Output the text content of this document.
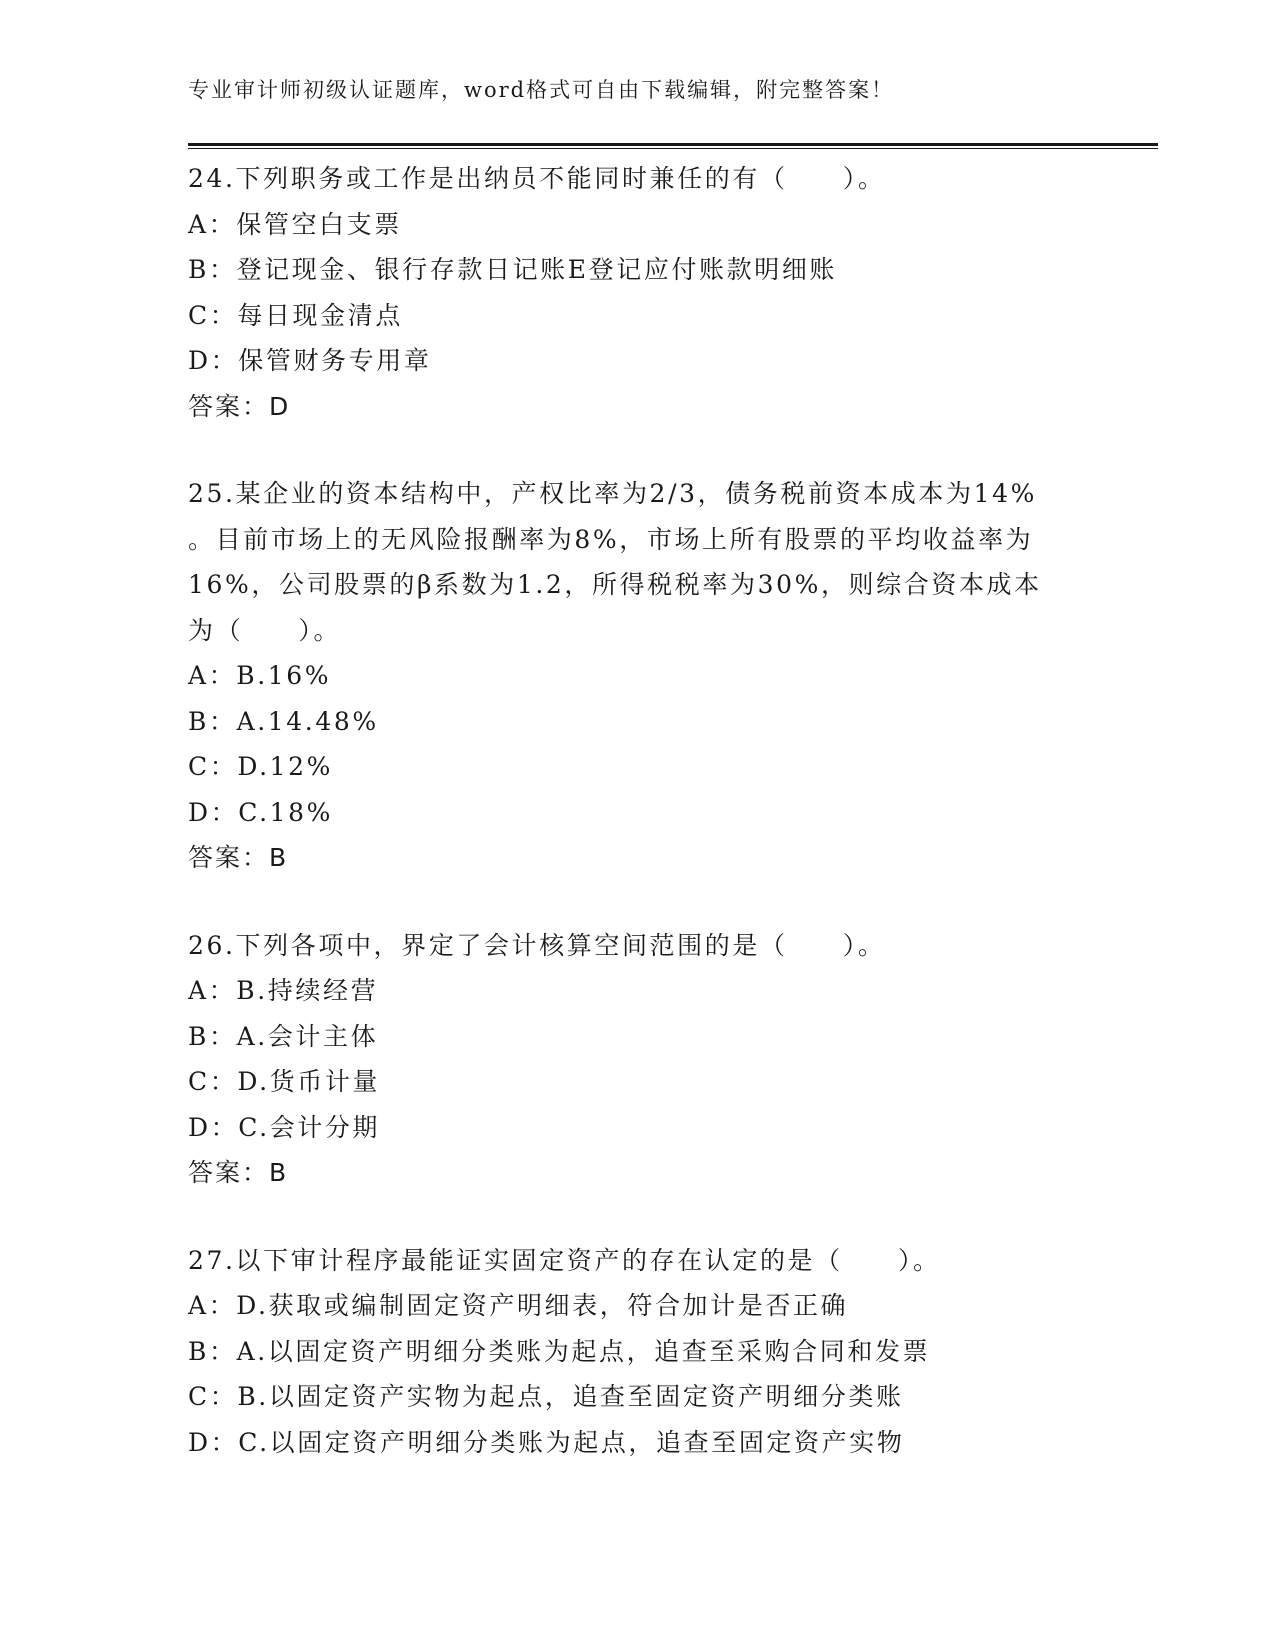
专业审计师初级认证题库，word格式可自由下载编辑，附完整答案！
24.下列职务或工作是出纳员不能同时兼任的有（　　）。
A：保管空白支票
B：登记现金、银行存款日记账E登记应付账款明细账
C：每日现金清点
D：保管财务专用章
答案：D
25.某企业的资本结构中，产权比率为2/3，债务税前资本成本为14%
。目前市场上的无风险报酬率为8%，市场上所有股票的平均收益率为
16%，公司股票的β系数为1.2，所得税税率为30%，则综合资本成本
为（　　）。
A：B.16%
B：A.14.48%
C：D.12%
D：C.18%
答案：B
26.下列各项中，界定了会计核算空间范围的是（　　）。
A：B.持续经营
B：A.会计主体
C：D.货币计量
D：C.会计分期
答案：B
27.以下审计程序最能证实固定资产的存在认定的是（　　）。
A：D.获取或编制固定资产明细表，符合加计是否正确
B：A.以固定资产明细分类账为起点，追查至采购合同和发票
C：B.以固定资产实物为起点，追查至固定资产明细分类账
D：C.以固定资产明细分类账为起点，追查至固定资产实物
